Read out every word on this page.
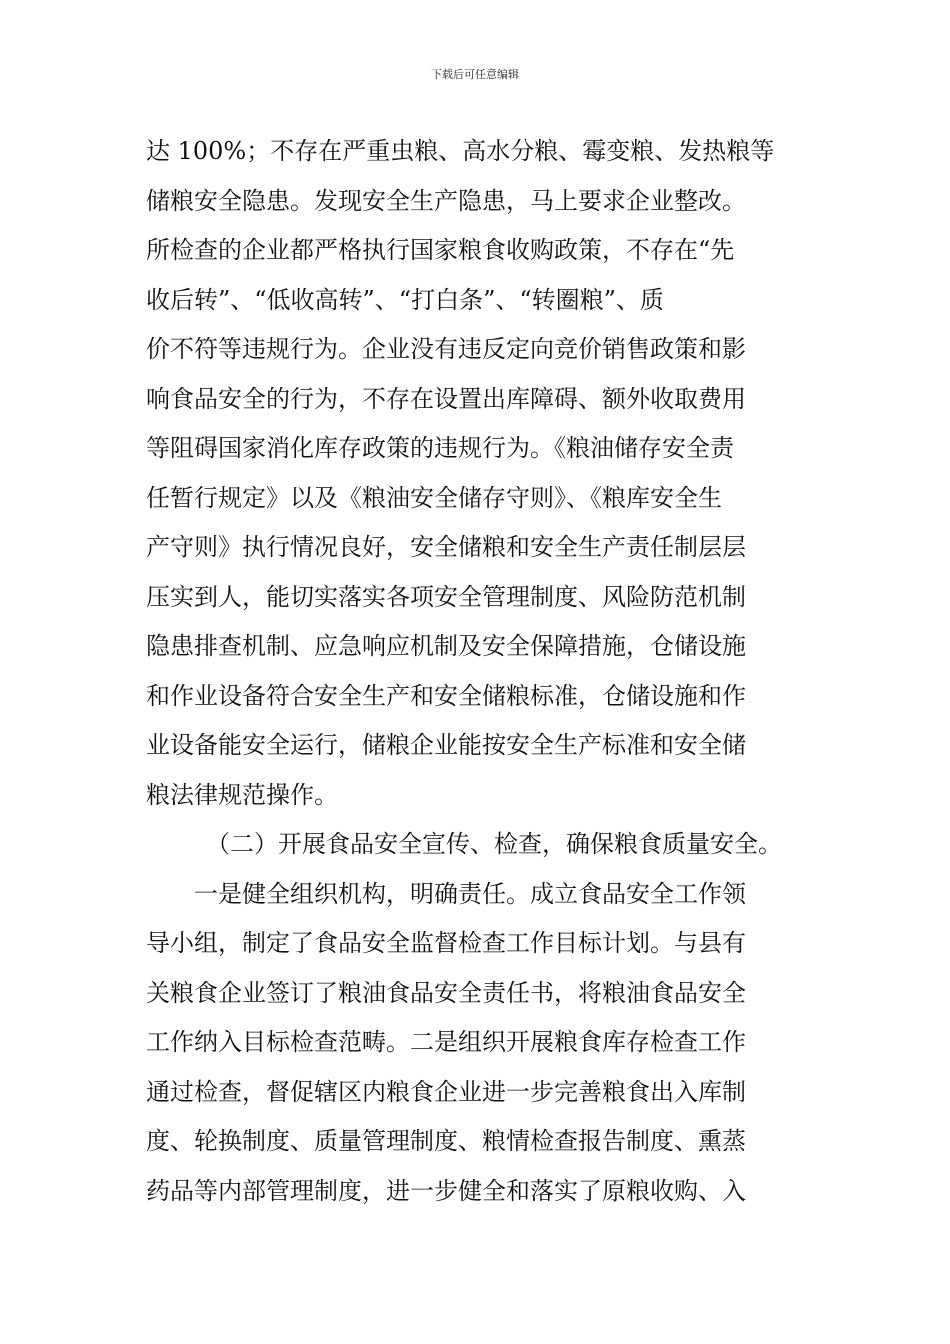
下载后可任意编辑
达 100%；不存在严重虫粮、高水分粮、霉变粮、发热粮等
储粮安全隐患。发现安全生产隐患，马上要求企业整改。
所检查的企业都严格执行国家粮食收购政策，不存在“先
收后转”、“低收高转”、“打白条”、“转圈粮”、质
价不符等违规行为。企业没有违反定向竞价销售政策和影
响食品安全的行为，不存在设置出库障碍、额外收取费用
等阻碍国家消化库存政策的违规行为。《粮油储存安全责
任暂行规定》以及《粮油安全储存守则》、《粮库安全生
产守则》执行情况良好，安全储粮和安全生产责任制层层
压实到人，能切实落实各项安全管理制度、风险防范机制
隐患排查机制、应急响应机制及安全保障措施，仓储设施
和作业设备符合安全生产和安全储粮标准，仓储设施和作
业设备能安全运行，储粮企业能按安全生产标准和安全储
粮法律规范操作。
（二）开展食品安全宣传、检查，确保粮食质量安全。
一是健全组织机构，明确责任。成立食品安全工作领
导小组，制定了食品安全监督检查工作目标计划。与县有
关粮食企业签订了粮油食品安全责任书，将粮油食品安全
工作纳入目标检查范畴。二是组织开展粮食库存检查工作
通过检查，督促辖区内粮食企业进一步完善粮食出入库制
度、轮换制度、质量管理制度、粮情检查报告制度、熏蒸
药品等内部管理制度，进一步健全和落实了原粮收购、入
